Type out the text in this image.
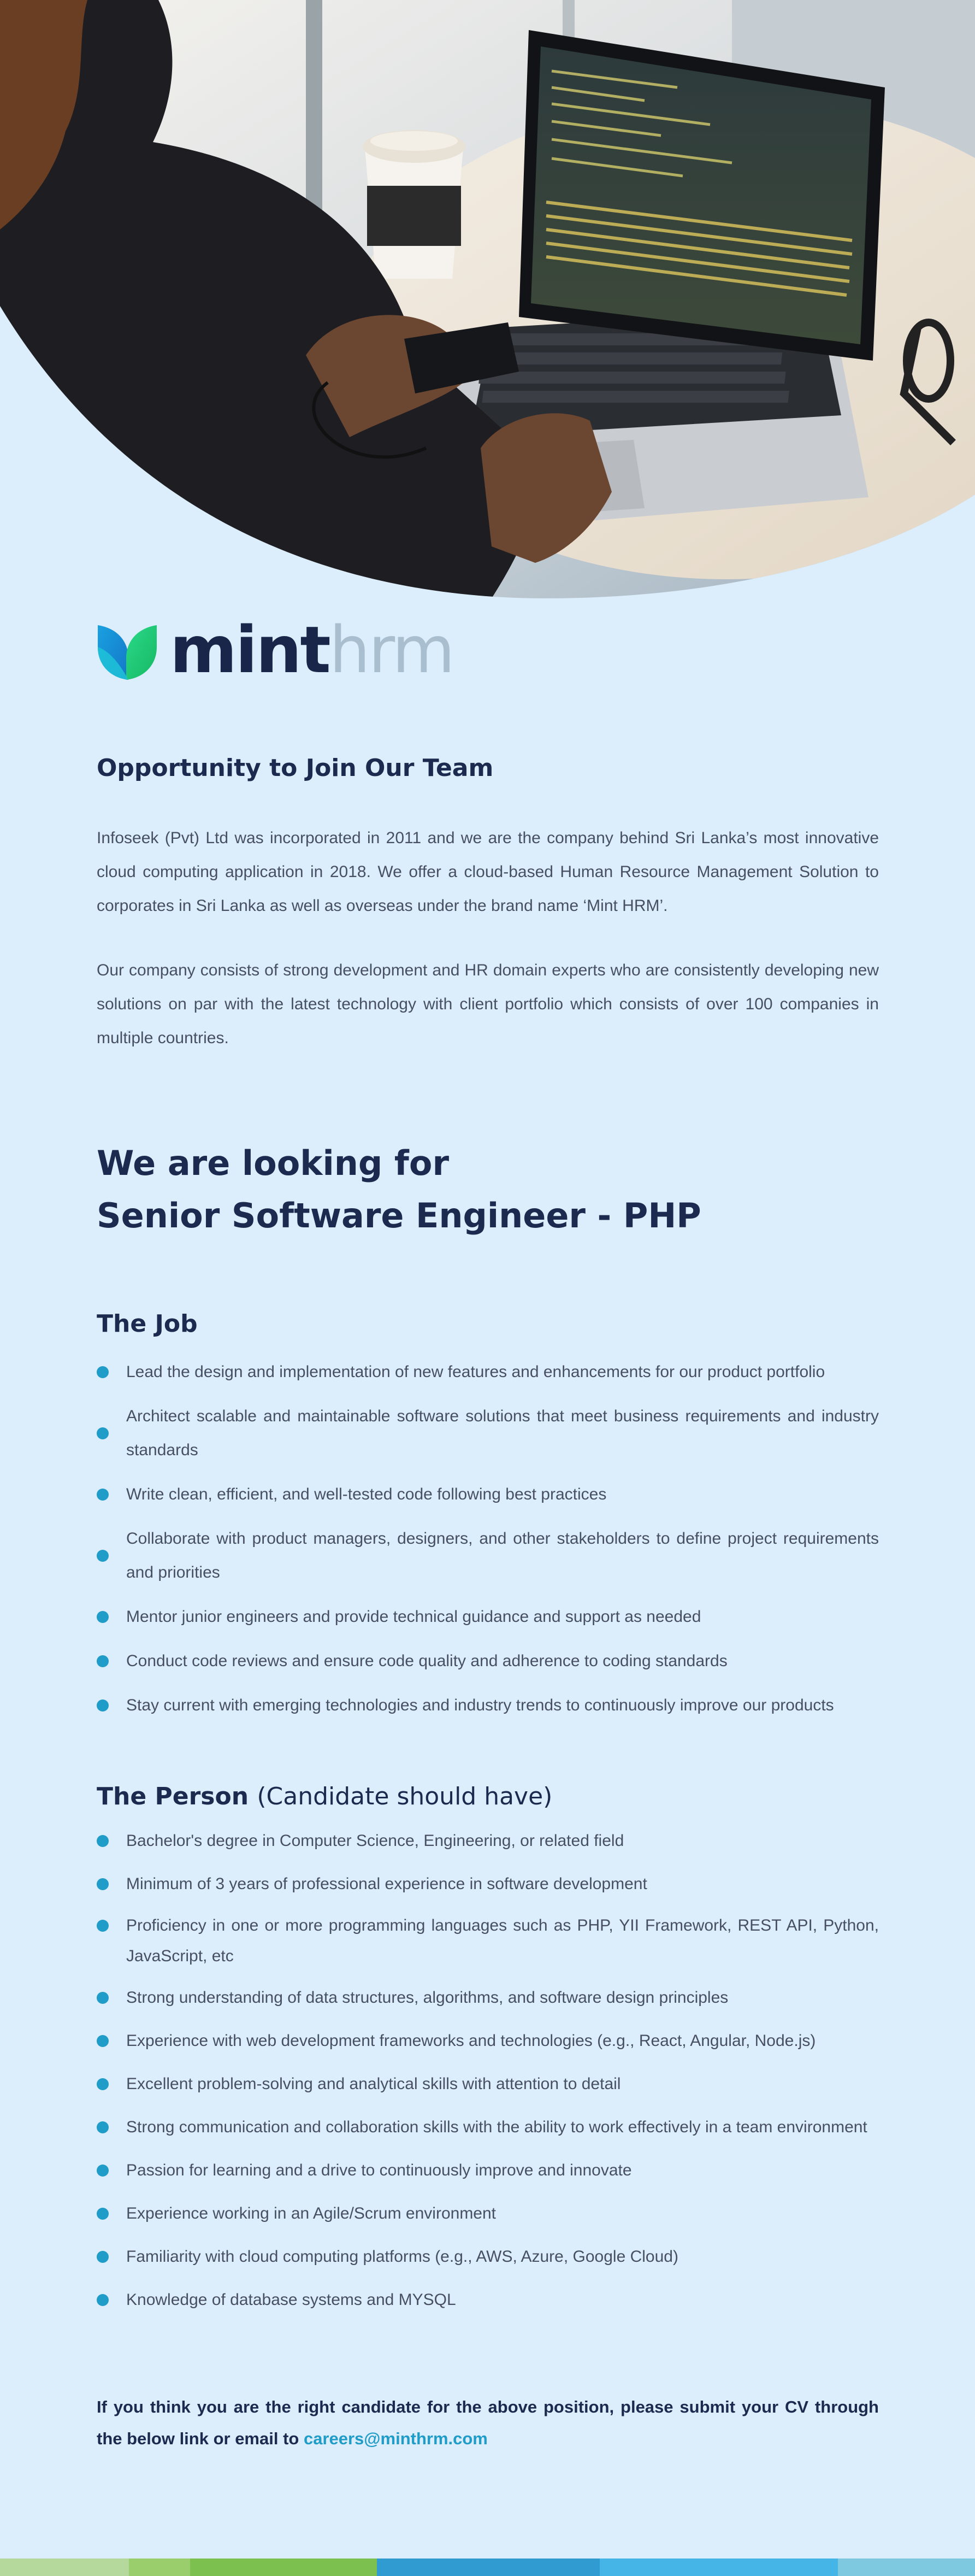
minthrm
Opportunity to Join Our Team

Infoseek (Pvt) Ltd was incorporated in 2011 and we are the company behind Sri Lanka’s most innovative cloud computing application in 2018. We offer a cloud-based Human Resource Management Solution to corporates in Sri Lanka as well as overseas under the brand name ‘Mint HRM’.

Our company consists of strong development and HR domain experts who are consistently developing new solutions on par with the latest technology with client portfolio which consists of over 100 companies in multiple countries.

We are looking for
Senior Software Engineer - PHP
The Job
Lead the design and implementation of new features and enhancements for our product portfolio
Architect scalable and maintainable software solutions that meet business requirements and industry standards
Write clean, efficient, and well-tested code following best practices
Collaborate with product managers, designers, and other stakeholders to define project requirements and priorities
Mentor junior engineers and provide technical guidance and support as needed
Conduct code reviews and ensure code quality and adherence to coding standards
Stay current with emerging technologies and industry trends to continuously improve our products
The Person (Candidate should have)
Bachelor's degree in Computer Science, Engineering, or related field
Minimum of 3 years of professional experience in software development
Proficiency in one or more programming languages such as PHP, YII Framework, REST API, Python, JavaScript, etc
Strong understanding of data structures, algorithms, and software design principles
Experience with web development frameworks and technologies (e.g., React, Angular, Node.js)
Excellent problem-solving and analytical skills with attention to detail
Strong communication and collaboration skills with the ability to work effectively in a team environment
Passion for learning and a drive to continuously improve and innovate
Experience working in an Agile/Scrum environment
Familiarity with cloud computing platforms (e.g., AWS, Azure, Google Cloud)
Knowledge of database systems and MYSQL

If you think you are the right candidate for the above position, please submit your CV through the below link or email to careers@minthrm.com
